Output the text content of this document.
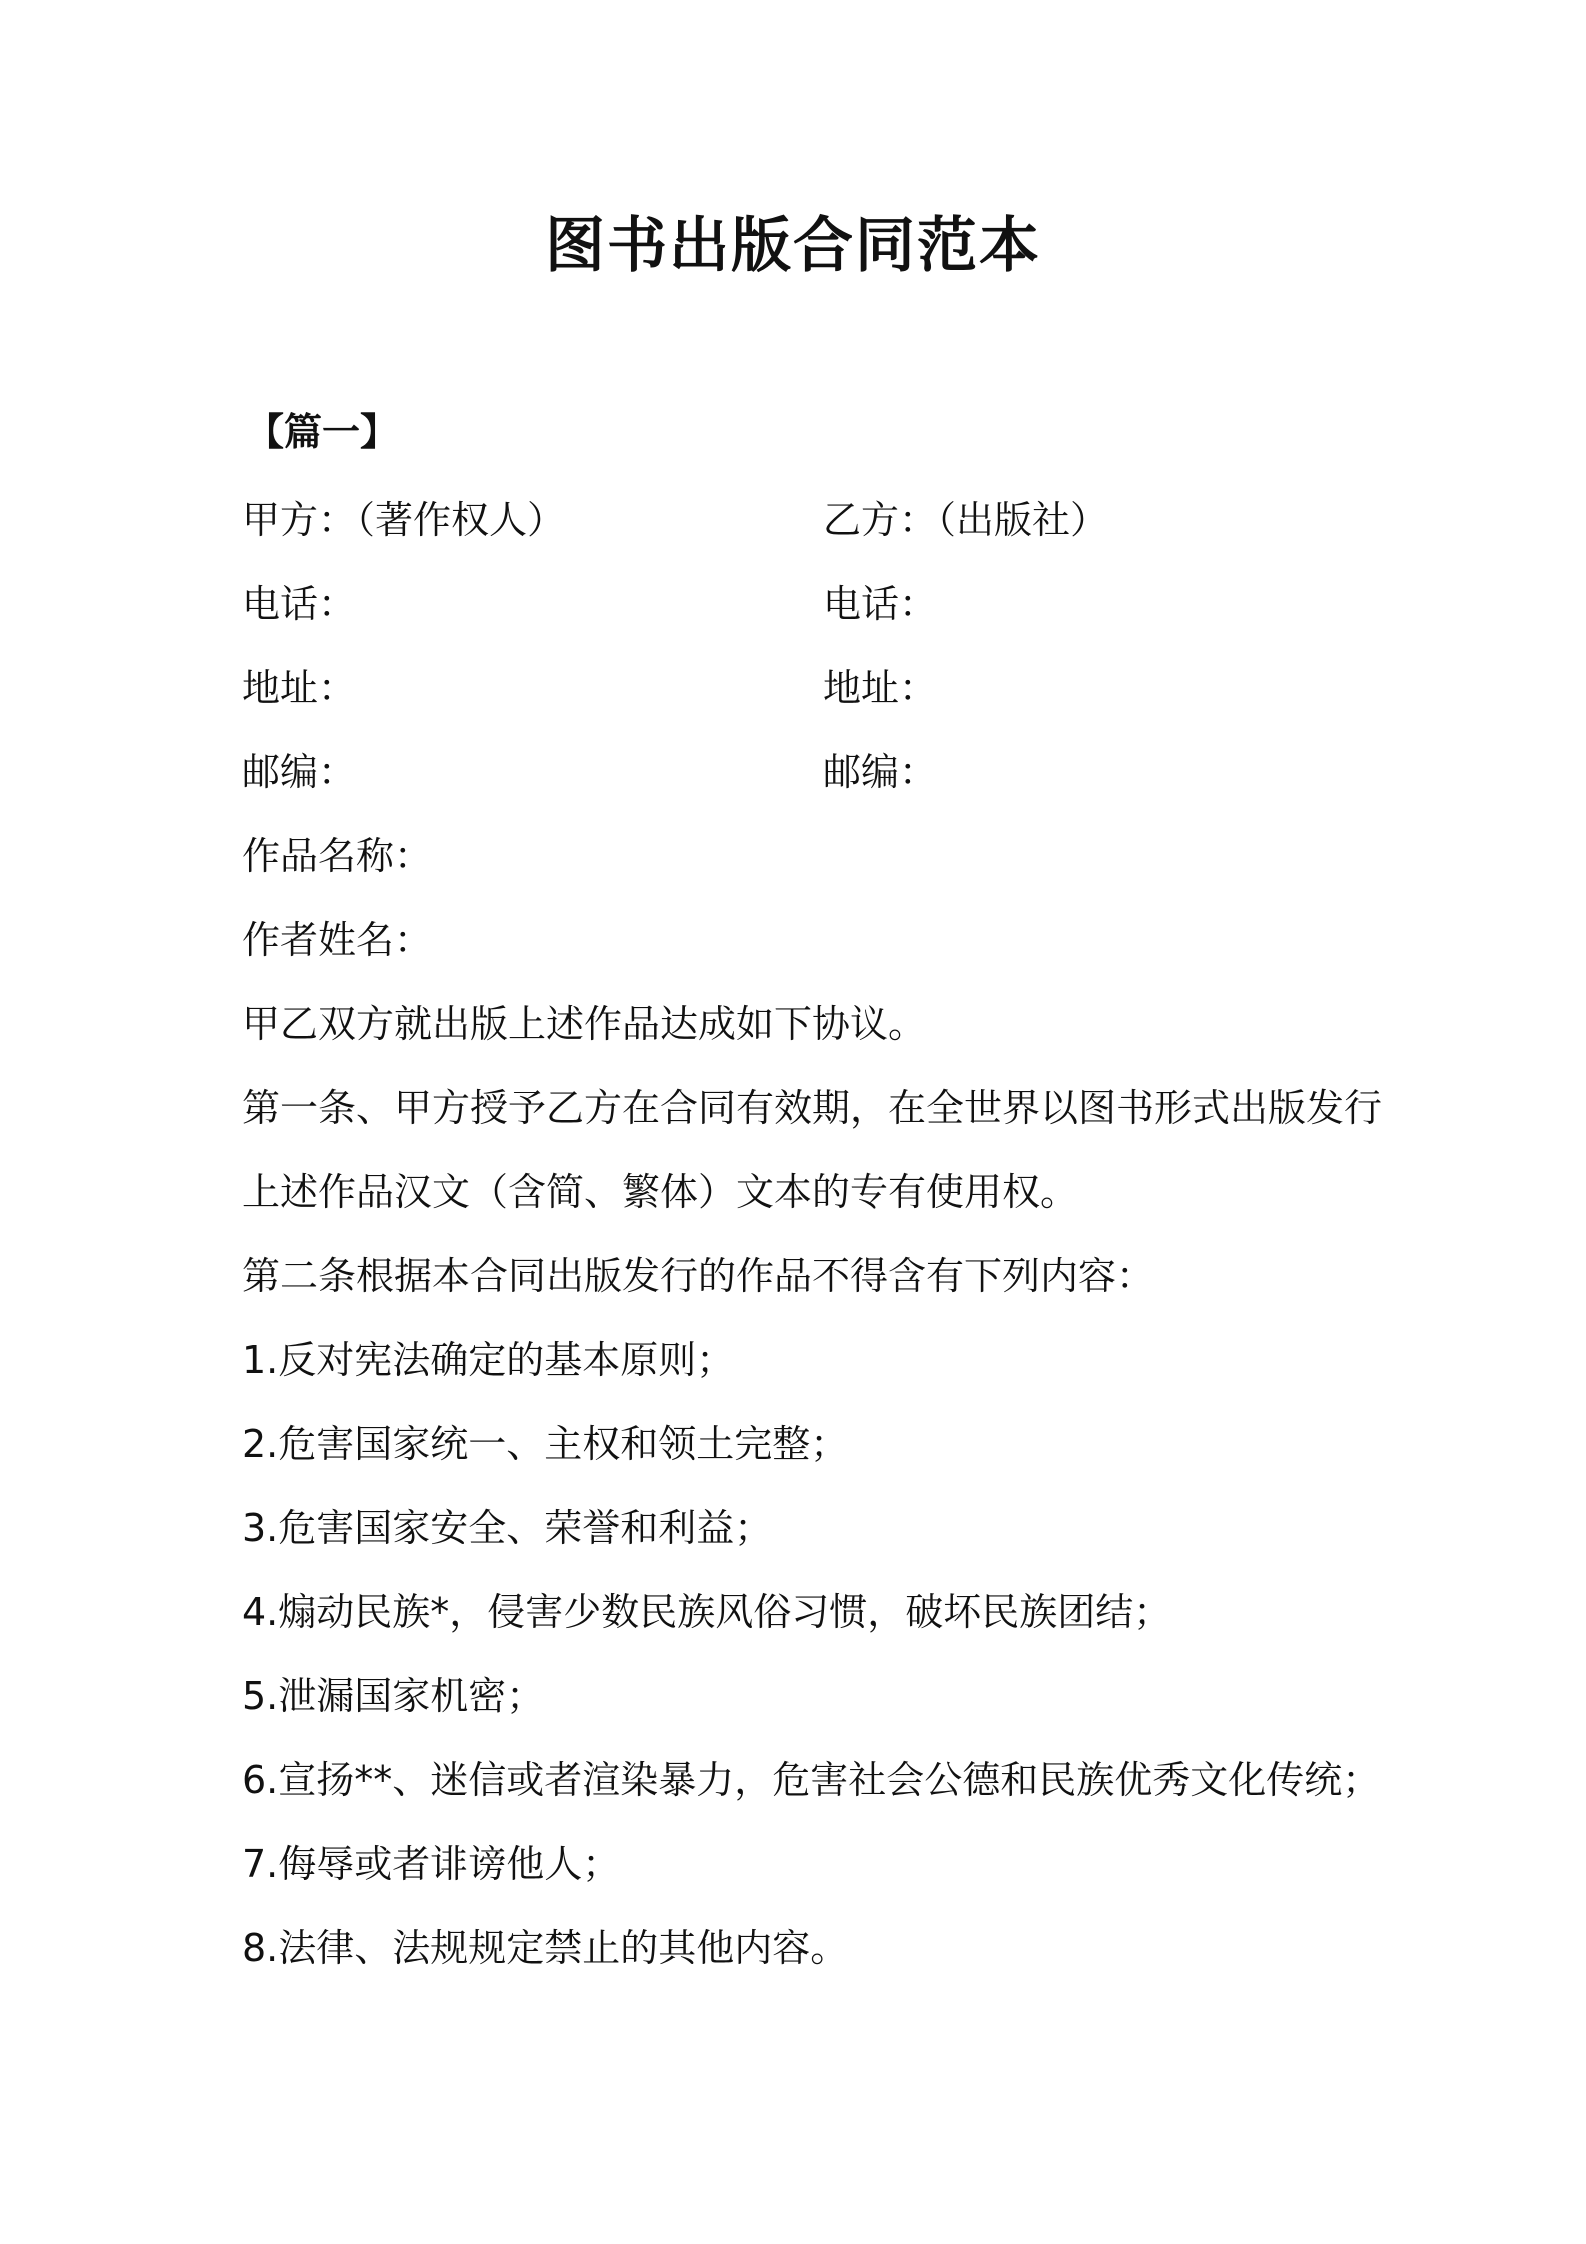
图书出版合同范本
【篇一】
甲方：（著作权人）	乙方：（出版社）
电话：	电话：
地址：	地址：
邮编：	邮编：
作品名称：
作者姓名：
甲乙双方就出版上述作品达成如下协议。
第一条、甲方授予乙方在合同有效期，在全世界以图书形式出版发行
上述作品汉文（含简、繁体）文本的专有使用权。
第二条根据本合同出版发行的作品不得含有下列内容：
1.反对宪法确定的基本原则；
2.危害国家统一、主权和领土完整；
3.危害国家安全、荣誉和利益；
4.煽动民族*，侵害少数民族风俗习惯，破坏民族团结；
5.泄漏国家机密；
6.宣扬**、迷信或者渲染暴力，危害社会公德和民族优秀文化传统；
7.侮辱或者诽谤他人；
8.法律、法规规定禁止的其他内容。
